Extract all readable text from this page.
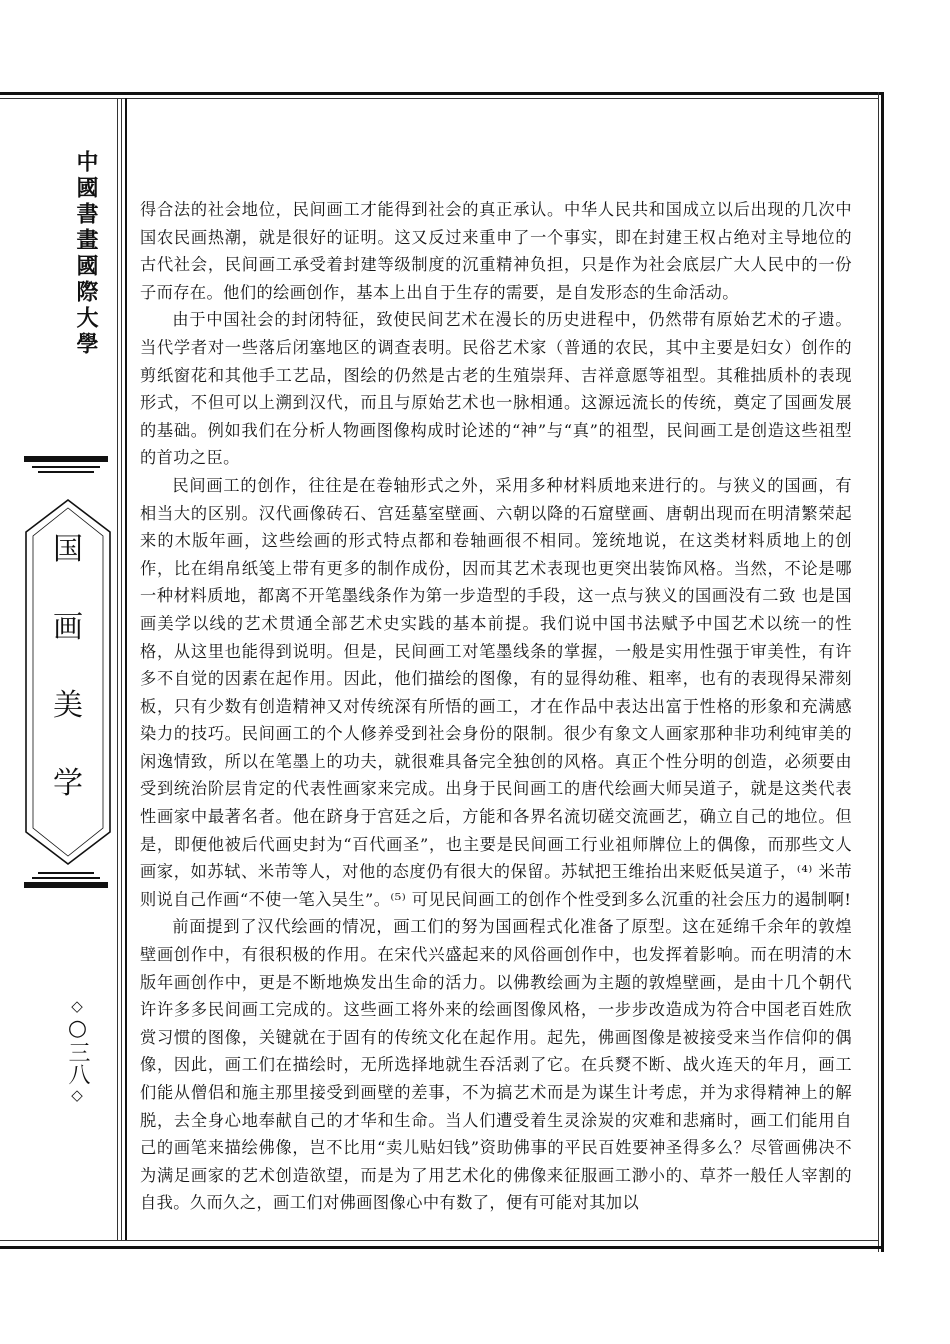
中國書畫國際大學
国
画
美
学
◇
○三八
◇

得合法的社会地位，民间画工才能得到社会的真正承认。中华人民共和国成立以后出现的几次中国农民画热潮，就是很好的证明。这又反过来重申了一个事实，即在封建王权占绝对主导地位的古代社会，民间画工承受着封建等级制度的沉重精神负担，只是作为社会底层广大人民中的一份子而存在。他们的绘画创作，基本上出自于生存的需要，是自发形态的生命活动。

由于中国社会的封闭特征，致使民间艺术在漫长的历史进程中，仍然带有原始艺术的孑遗。当代学者对一些落后闭塞地区的调查表明。民俗艺术家（普通的农民，其中主要是妇女）创作的剪纸窗花和其他手工艺品，图绘的仍然是古老的生殖崇拜、吉祥意愿等祖型。其稚拙质朴的表现形式，不但可以上溯到汉代，而且与原始艺术也一脉相通。这源远流长的传统，奠定了国画发展的基础。例如我们在分析人物画图像构成时论述的“神”与“真”的祖型，民间画工是创造这些祖型的首功之臣。

民间画工的创作，往往是在卷轴形式之外，采用多种材料质地来进行的。与狭义的国画，有相当大的区别。汉代画像砖石、宫廷墓室壁画、六朝以降的石窟壁画、唐朝出现而在明清繁荣起来的木版年画，这些绘画的形式特点都和卷轴画很不相同。笼统地说，在这类材料质地上的创作，比在绢帛纸笺上带有更多的制作成份，因而其艺术表现也更突出装饰风格。当然，不论是哪一种材料质地，都离不开笔墨线条作为第一步造型的手段，这一点与狭义的国画没有二致 也是国画美学以线的艺术贯通全部艺术史实践的基本前提。我们说中国书法赋予中国艺术以统一的性格，从这里也能得到说明。但是，民间画工对笔墨线条的掌握，一般是实用性强于审美性，有许多不自觉的因素在起作用。因此，他们描绘的图像，有的显得幼稚、粗率，也有的表现得呆滞刻板，只有少数有创造精神又对传统深有所悟的画工，才在作品中表达出富于性格的形象和充满感染力的技巧。民间画工的个人修养受到社会身份的限制。很少有象文人画家那种非功利纯审美的闲逸情致，所以在笔墨上的功夫，就很难具备完全独创的风格。真正个性分明的创造，必须要由受到统治阶层肯定的代表性画家来完成。出身于民间画工的唐代绘画大师吴道子，就是这类代表性画家中最著名者。他在跻身于宫廷之后，方能和各界名流切磋交流画艺，确立自己的地位。但是，即便他被后代画史封为“百代画圣”，也主要是民间画工行业祖师牌位上的偶像，而那些文人画家，如苏轼、米芾等人，对他的态度仍有很大的保留。苏轼把王维抬出来贬低吴道子，⁽⁴⁾ 米芾则说自己作画“不使一笔入吴生”。⁽⁵⁾ 可见民间画工的创作个性受到多么沉重的社会压力的遏制啊!

前面提到了汉代绘画的情况，画工们的努为国画程式化准备了原型。这在延绵千余年的敦煌壁画创作中，有很积极的作用。在宋代兴盛起来的风俗画创作中，也发挥着影响。而在明清的木版年画创作中，更是不断地焕发出生命的活力。以佛教绘画为主题的敦煌壁画，是由十几个朝代许许多多民间画工完成的。这些画工将外来的绘画图像风格，一步步改造成为符合中国老百姓欣赏习惯的图像，关键就在于固有的传统文化在起作用。起先，佛画图像是被接受来当作信仰的偶像，因此，画工们在描绘时，无所选择地就生吞活剥了它。在兵燹不断、战火连天的年月，画工们能从僧侣和施主那里接受到画壁的差事，不为搞艺术而是为谋生计考虑，并为求得精神上的解脱，去全身心地奉献自己的才华和生命。当人们遭受着生灵涂炭的灾难和悲痛时，画工们能用自己的画笔来描绘佛像，岂不比用“卖儿贴妇钱”资助佛事的平民百姓要神圣得多么？尽管画佛决不为满足画家的艺术创造欲望，而是为了用艺术化的佛像来征服画工渺小的、草芥一般任人宰割的自我。久而久之，画工们对佛画图像心中有数了，便有可能对其加以
